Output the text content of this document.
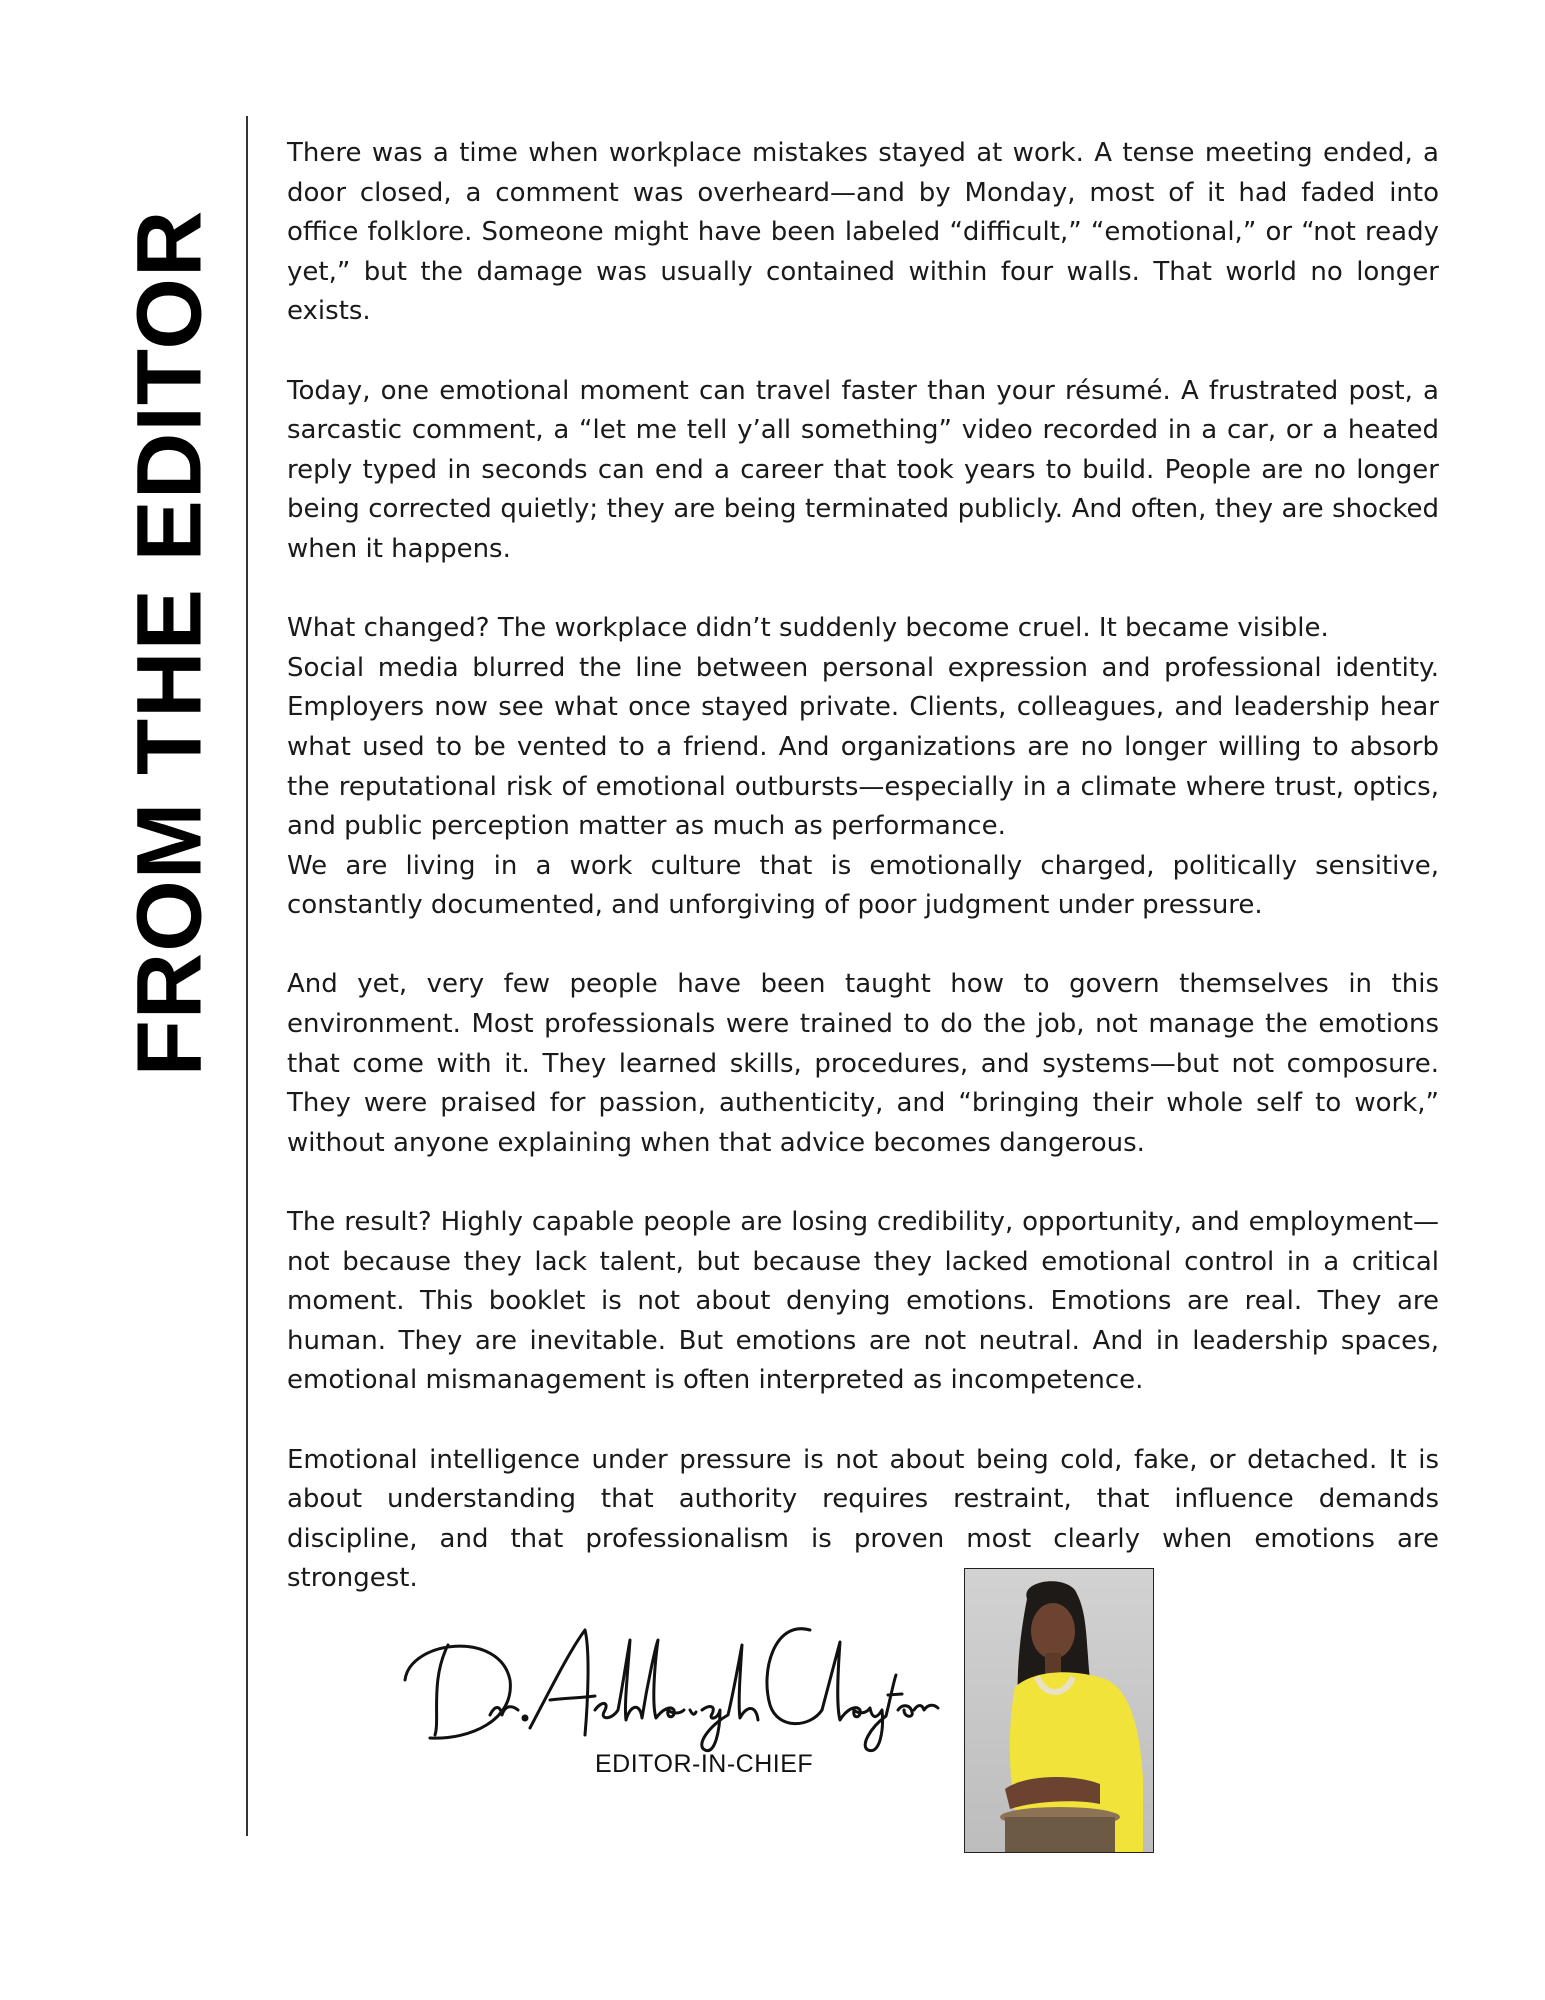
FROM THE EDITOR

There was a time when workplace mistakes stayed at work. A tense meeting ended, a door closed, a comment was overheard—and by Monday, most of it had faded into office folklore. Someone might have been labeled “difficult,” “emotional,” or “not ready yet,” but the damage was usually contained within four walls. That world no longer exists.

Today, one emotional moment can travel faster than your résumé. A frustrated post, a sarcastic comment, a “let me tell y’all something” video recorded in a car, or a heated reply typed in seconds can end a career that took years to build. People are no longer being corrected quietly; they are being terminated publicly. And often, they are shocked when it happens.

What changed? The workplace didn’t suddenly become cruel. It became visible.

Social media blurred the line between personal expression and professional identity. Employers now see what once stayed private. Clients, colleagues, and leadership hear what used to be vented to a friend. And organizations are no longer willing to absorb the reputational risk of emotional outbursts—especially in a climate where trust, optics, and public perception matter as much as performance.

We are living in a work culture that is emotionally charged, politically sensitive, constantly documented, and unforgiving of poor judgment under pressure.

And yet, very few people have been taught how to govern themselves in this environment. Most professionals were trained to do the job, not manage the emotions that come with it. They learned skills, procedures, and systems—but not composure. They were praised for passion, authenticity, and “bringing their whole self to work,” without anyone explaining when that advice becomes dangerous.

The result? Highly capable people are losing credibility, opportunity, and employment—not because they lack talent, but because they lacked emotional control in a critical moment. This booklet is not about denying emotions. Emotions are real. They are human. They are inevitable. But emotions are not neutral. And in leadership spaces, emotional mismanagement is often interpreted as incompetence.

Emotional intelligence under pressure is not about being cold, fake, or detached. It is about understanding that authority requires restraint, that influence demands discipline, and that professionalism is proven most clearly when emotions are strongest.

EDITOR-IN-CHIEF
